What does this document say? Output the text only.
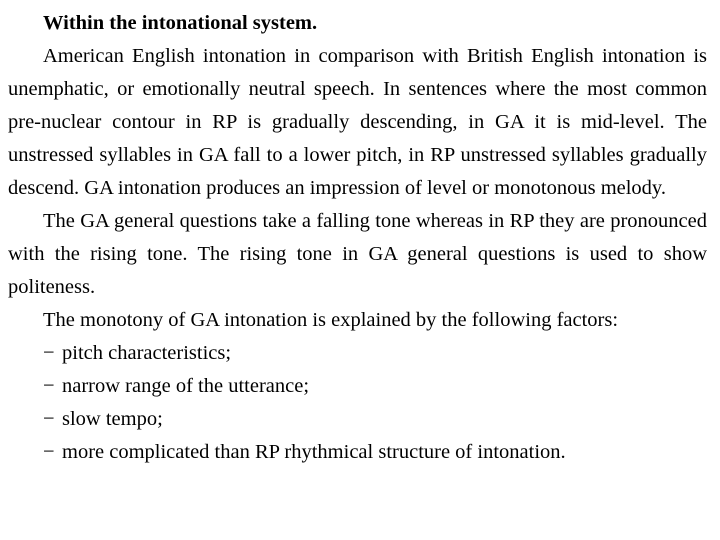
Within the intonational system.

American English intonation in comparison with British English intonation is unemphatic, or emotionally neutral speech. In sentences where the most common pre-nuclear contour in RP is gradually descending, in GA it is mid-level. The unstressed syllables in GA fall to a lower pitch, in RP unstressed syllables gradually descend. GA intonation produces an impression of level or monotonous melody.

The GA general questions take a falling tone whereas in RP they are pronounced with the rising tone. The rising tone in GA general questions is used to show politeness.

The monotony of GA intonation is explained by the following factors:

− pitch characteristics;
− narrow range of the utterance;
− slow tempo;
− more complicated than RP rhythmical structure of intonation.
